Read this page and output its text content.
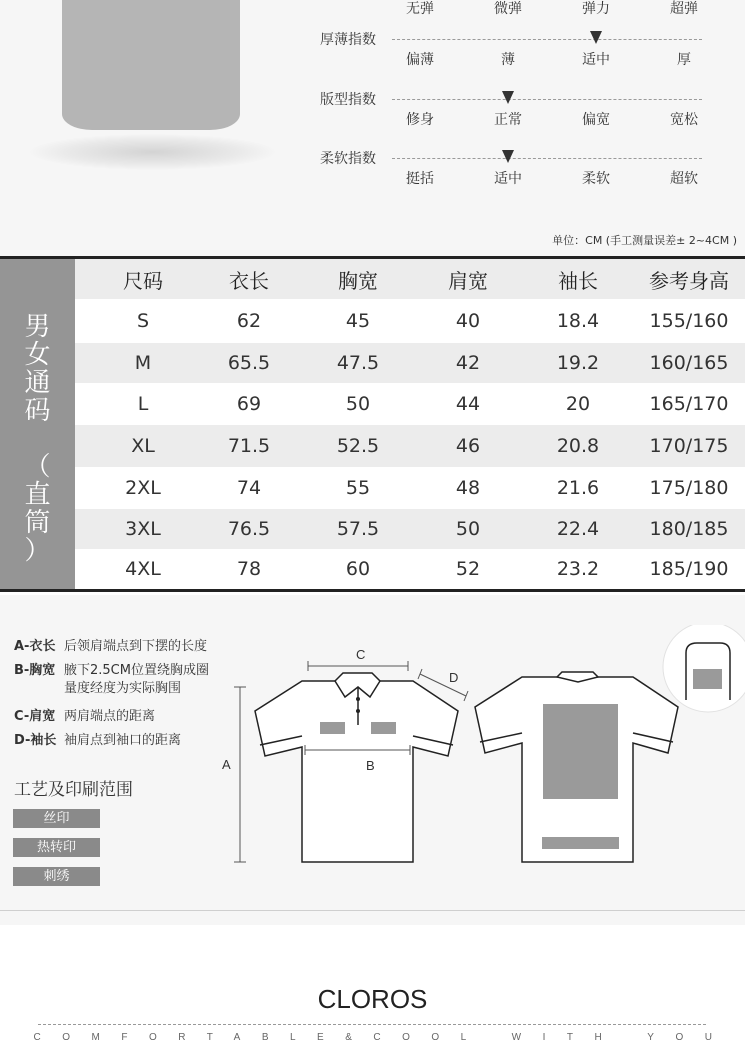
无弹	微弹	弹力	超弹
厚薄指数
偏薄	薄	适中	厚
版型指数
修身	正常	偏宽	宽松
柔软指数
挺括	适中	柔软	超软
单位：CM (手工测量误差± 2~4CM )
男
女
通
码
（
直
筒
）
尺码	衣长	胸宽	肩宽	袖长	参考身高
S	62	45	40	18.4	155/160
M	65.5	47.5	42	19.2	160/165
L	69	50	44	20	165/170
XL	71.5	52.5	46	20.8	170/175
2XL	74	55	48	21.6	175/180
3XL	76.5	57.5	50	22.4	180/185
4XL	78	60	52	23.2	185/190
A-衣长 后领肩端点到下摆的长度
B-胸宽 腋下2.5CM位置绕胸成圈量度经度为实际胸围
C-肩宽 两肩端点的距离
D-袖长 袖肩点到袖口的距离
工艺及印刷范围
丝印
热转印
刺绣
A
C
B
D
CLOROS
COMFORTABLE&COOL WITH YOU
